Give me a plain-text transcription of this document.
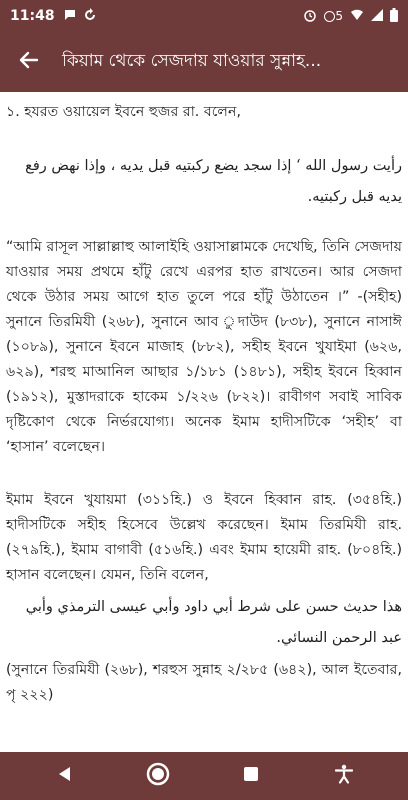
11:48	5
কিয়াম থেকে সেজদায় যাওয়ার সুন্নাহ...

১. হযরত ওয়ায়েল ইবনে হুজর রা. বলেন,

رأيت رسول الله ‘ إذا سجد يضع ركبتيه قبل يديه ، وإذا نهض رفع يديه قبل ركبتيه.

“আমি রাসূল সাল্লাল্লাহু আলাইহি ওয়াসাল্লামকে দেখেছি, তিনি সেজদায় যাওয়ার সময় প্রথমে হাঁটু রেখে এরপর হাত রাখতেন। আর সেজদা থেকে উঠার সময় আগে হাত তুলে পরে হাঁটু উঠাতেন ।” -(সহীহ) সুনানে তিরমিযী (২৬৮), সুনানে আব ুদাউদ (৮৩৮), সুনানে নাসাঈ (১০৮৯), সুনানে ইবনে মাজাহ (৮৮২), সহীহ ইবনে খুযাইমা (৬২৬, ৬২৯), শরহু মাআনিল আছার ১/১৮১ (১৪৮১), সহীহ ইবনে হিব্বান (১৯১২), মুস্তাদরাকে হাকেম ১/২২৬ (৮২২)। রাবীগণ সবাই সাবিক দৃষ্টিকোণ থেকে নির্ভরযোগ্য। অনেক ইমাম হাদীসটিকে ‘সহীহ’ বা ‘হাসান’ বলেছেন।

ইমাম ইবনে খুযায়মা (৩১১হি.) ও ইবনে হিব্বান রাহ. (৩৫৪হি.) হাদীসটিকে সহীহ হিসেবে উল্লেখ করেছেন। ইমাম তিরমিযী রাহ. (২৭৯হি.), ইমাম বাগাবী (৫১৬হি.) এবং ইমাম হায়েমী রাহ. (৮০৪হি.) হাসান বলেছেন। যেমন, তিনি বলেন,

هذا حديث حسن على شرط أبي داود وأبي عيسى الترمذي وأبي عبد الرحمن النسائي.

(সুনানে তিরমিযী (২৬৮), শরহুস সুন্নাহ ২/২৮৫ (৬৪২), আল ইতেবার, পৃ ২২২)
